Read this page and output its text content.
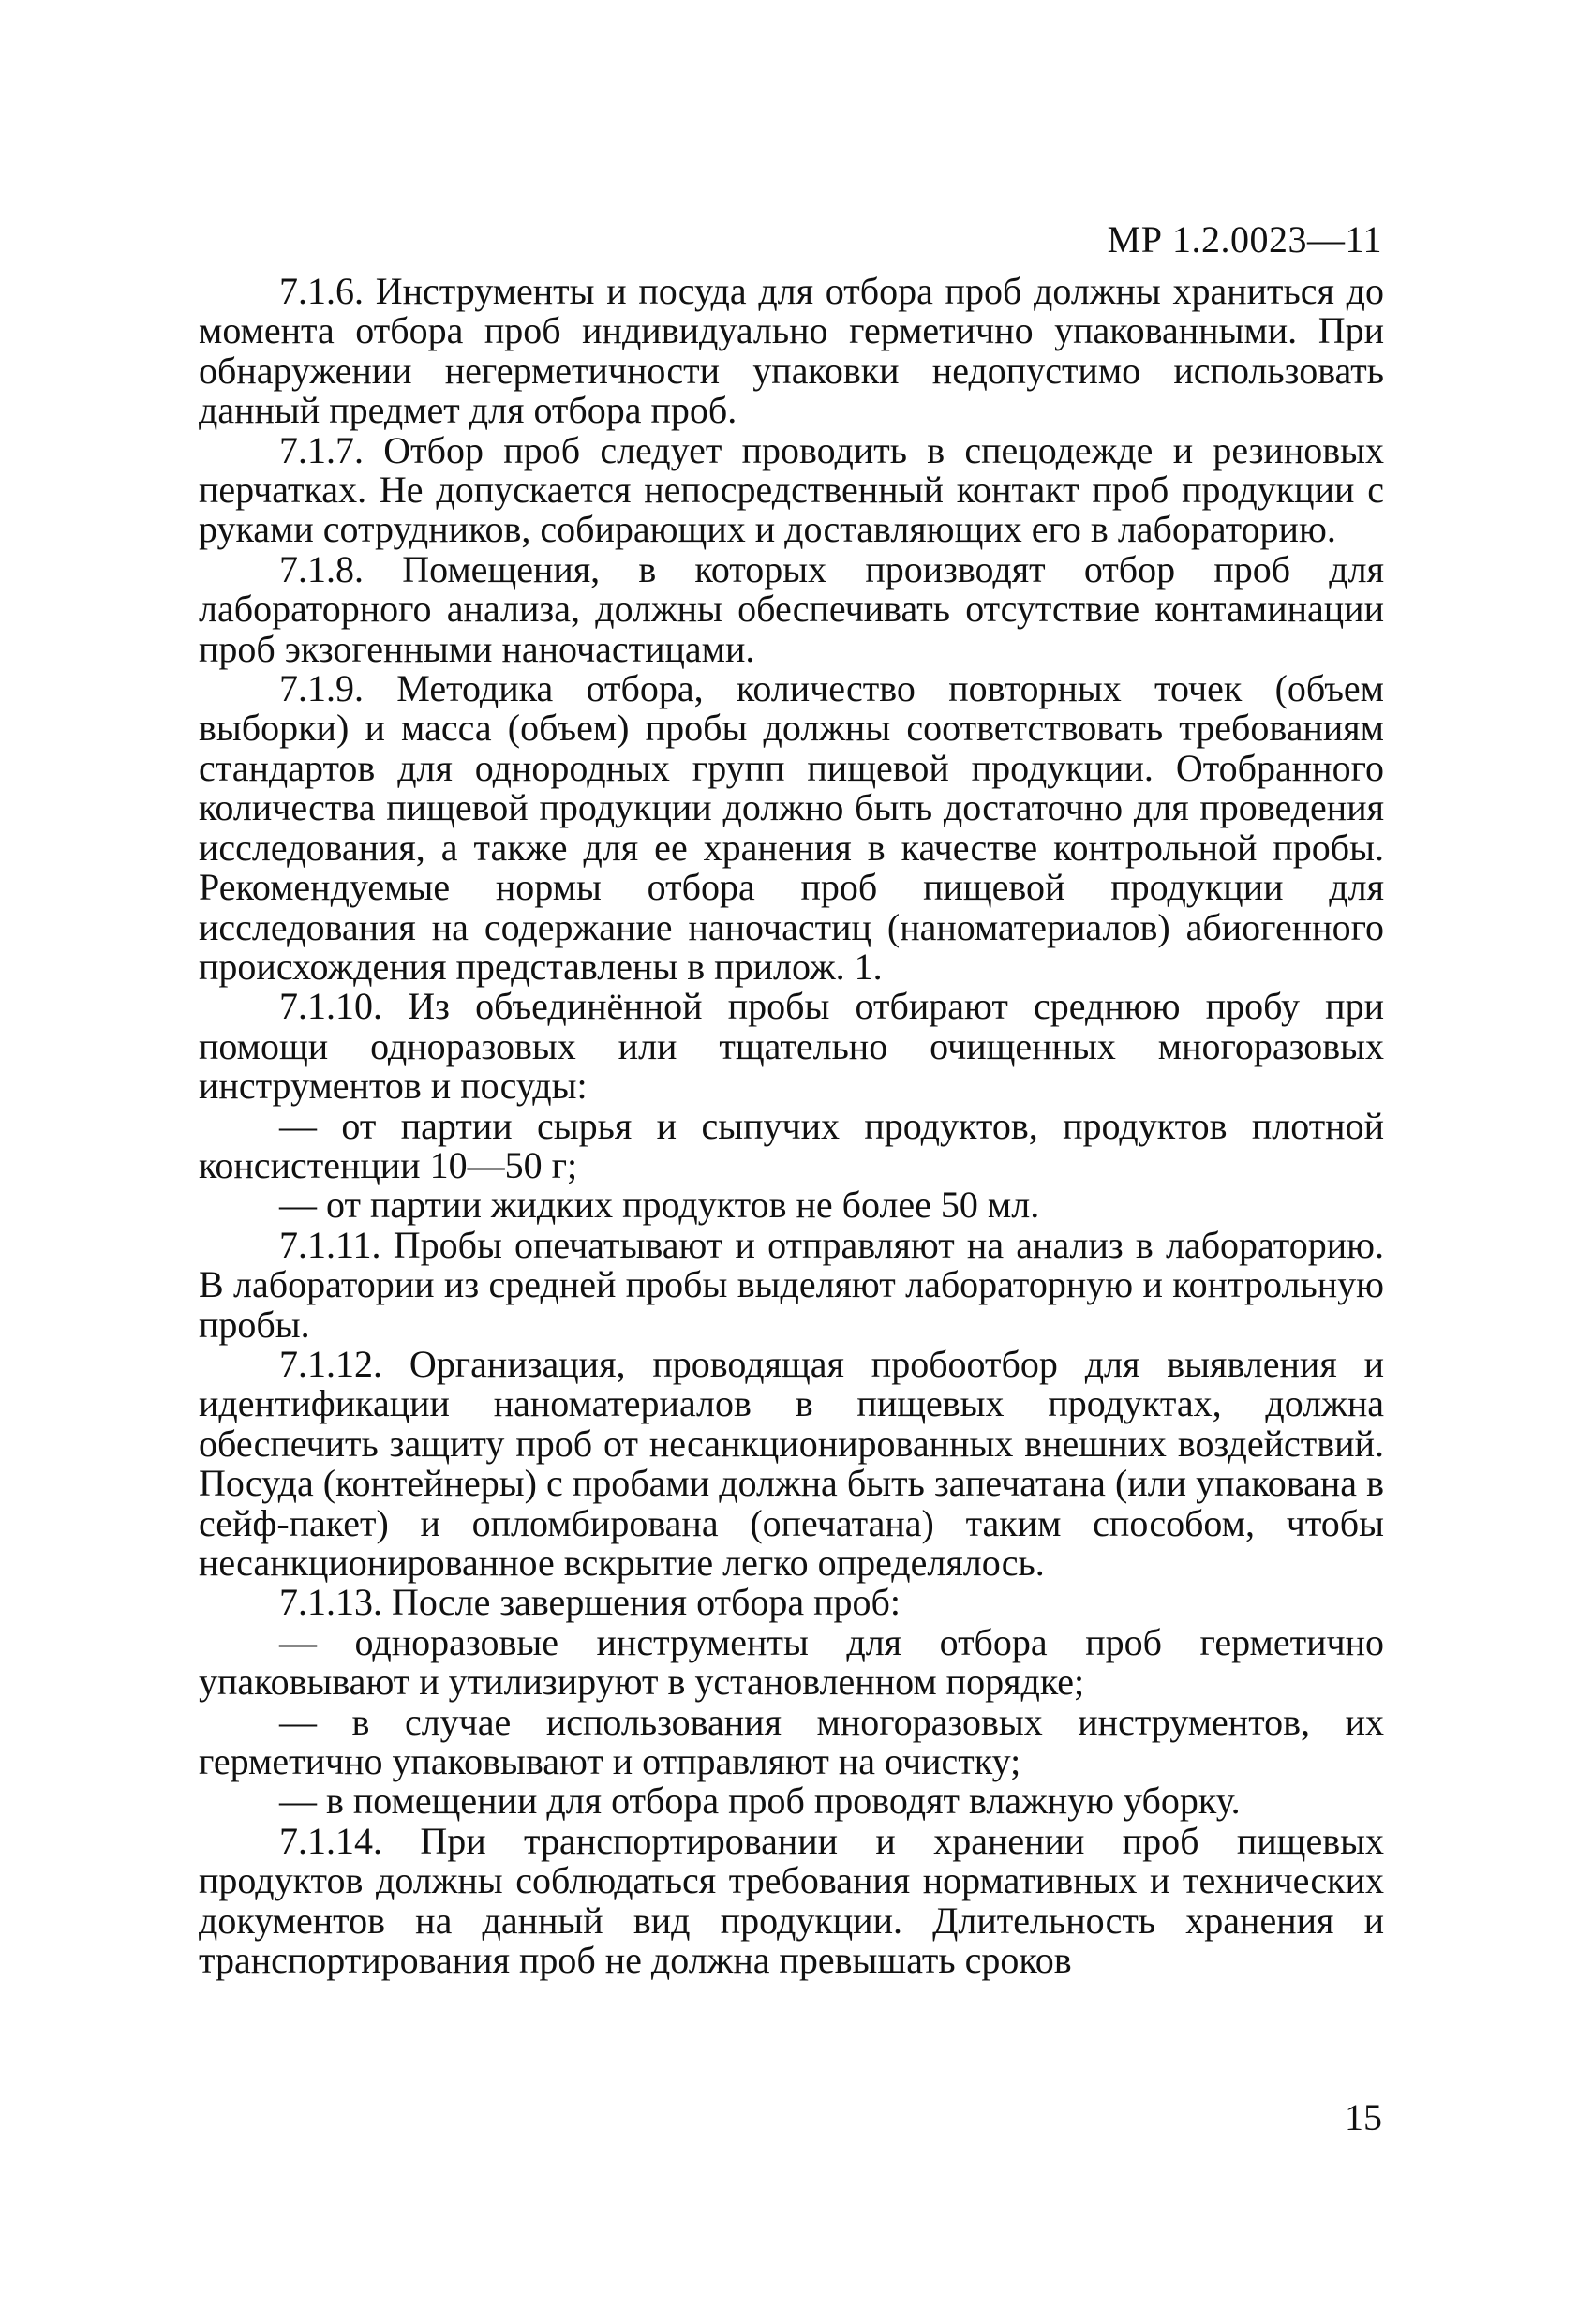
МР 1.2.0023—11

7.1.6. Инструменты и посуда для отбора проб должны храниться до момента отбора проб индивидуально герметично упакованными. При обнаружении негерметичности упаковки недопустимо использовать данный предмет для отбора проб.

7.1.7. Отбор проб следует проводить в спецодежде и резиновых перчатках. Не допускается непосредственный контакт проб продукции с руками сотрудников, собирающих и доставляющих его в лабораторию.

7.1.8. Помещения, в которых производят отбор проб для лабораторного анализа, должны обеспечивать отсутствие контаминации проб экзогенными наночастицами.

7.1.9. Методика отбора, количество повторных точек (объем выборки) и масса (объем) пробы должны соответствовать требованиям стандартов для однородных групп пищевой продукции. Отобранного количества пищевой продукции должно быть достаточно для проведения исследования, а также для ее хранения в качестве контрольной пробы. Рекомендуемые нормы отбора проб пищевой продукции для исследования на содержание наночастиц (наноматериалов) абиогенного происхождения представлены в прилож. 1.

7.1.10. Из объединённой пробы отбирают среднюю пробу при помощи одноразовых или тщательно очищенных многоразовых инструментов и посуды:

— от партии сырья и сыпучих продуктов, продуктов плотной консистенции 10—50 г;

— от партии жидких продуктов не более 50 мл.

7.1.11. Пробы опечатывают и отправляют на анализ в лабораторию. В лаборатории из средней пробы выделяют лабораторную и контрольную пробы.

7.1.12. Организация, проводящая пробоотбор для выявления и идентификации наноматериалов в пищевых продуктах, должна обеспечить защиту проб от несанкционированных внешних воздействий. Посуда (контейнеры) с пробами должна быть запечатана (или упакована в сейф-пакет) и опломбирована (опечатана) таким способом, чтобы несанкционированное вскрытие легко определялось.

7.1.13. После завершения отбора проб:

— одноразовые инструменты для отбора проб герметично упаковывают и утилизируют в установленном порядке;

— в случае использования многоразовых инструментов, их герметично упаковывают и отправляют на очистку;

— в помещении для отбора проб проводят влажную уборку.

7.1.14. При транспортировании и хранении проб пищевых продуктов должны соблюдаться требования нормативных и технических документов на данный вид продукции. Длительность хранения и транспортирования проб не должна превышать сроков

15
